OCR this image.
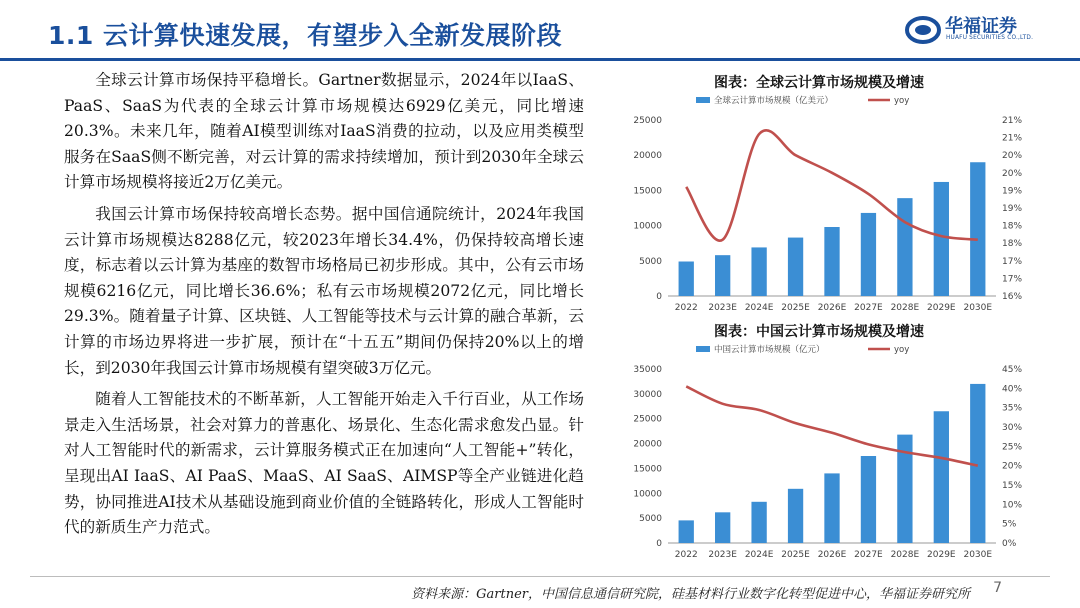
1.1 云计算快速发展，有望步入全新发展阶段	华福证券
HUAFU SECURITIES CO.,LTD.

全球云计算市场保持平稳增长。Gartner数据显示，2024年以IaaS、PaaS、SaaS为代表的全球云计算市场规模达6929亿美元，同比增速20.3%。未来几年，随着AI模型训练对IaaS消费的拉动，以及应用类模型服务在SaaS侧不断完善，对云计算的需求持续增加，预计到2030年全球云计算市场规模将接近2万亿美元。

我国云计算市场保持较高增长态势。据中国信通院统计，2024年我国云计算市场规模达8288亿元，较2023年增长34.4%，仍保持较高增长速度，标志着以云计算为基座的数智市场格局已初步形成。其中，公有云市场规模6216亿元，同比增长36.6%；私有云市场规模2072亿元，同比增长29.3%。随着量子计算、区块链、人工智能等技术与云计算的融合革新，云计算的市场边界将进一步扩展，预计在“十五五”期间仍保持20%以上的增长，到2030年我国云计算市场规模有望突破3万亿元。

随着人工智能技术的不断革新，人工智能开始走入千行百业，从工作场景走入生活场景，社会对算力的普惠化、场景化、生态化需求愈发凸显。针对人工智能时代的新需求，云计算服务模式正在加速向“人工智能+”转化，呈现出AI IaaS、AI PaaS、MaaS、AI SaaS、AIMSP等全产业链进化趋势，协同推进AI技术从基础设施到商业价值的全链路转化，形成人工智能时代的新质生产力范式。

图表：全球云计算市场规模及增速
全球云计算市场规模（亿美元）	yoy
0
5000
10000
15000
20000
25000
16%
17%
17%
18%
18%
19%
19%
20%
20%
21%
21%
2022 2023E 2024E 2025E 2026E 2027E 2028E 2029E 2030E
图表：中国云计算市场规模及增速
中国云计算市场规模（亿元）	yoy
0
5000
10000
15000
20000
25000
30000
35000
0%
5%
10%
15%
20%
25%
30%
35%
40%
45%
2022 2023E 2024E 2025E 2026E 2027E 2028E 2029E 2030E
资料来源：Gartner，中国信息通信研究院，硅基材料行业数字化转型促进中心，华福证券研究所 7
